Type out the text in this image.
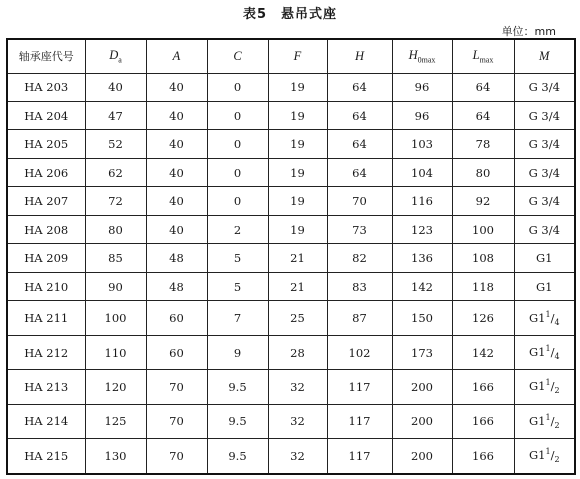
表5　悬吊式座
单位：mm
轴承座代号	$D_a$	A	C	F	H	$H_{0max}$	$L_{max}$	M
HA 203	40	40	0	19	64	96	64	G 3/4
HA 204	47	40	0	19	64	96	64	G 3/4
HA 205	52	40	0	19	64	103	78	G 3/4
HA 206	62	40	0	19	64	104	80	G 3/4
HA 207	72	40	0	19	70	116	92	G 3/4
HA 208	80	40	2	19	73	123	100	G 3/4
HA 209	85	48	5	21	82	136	108	G1
HA 210	90	48	5	21	83	142	118	G1
HA 211	100	60	7	25	87	150	126	$G1^1/_4$
HA 212	110	60	9	28	102	173	142	$G1^1/_4$
HA 213	120	70	9.5	32	117	200	166	$G1^1/_2$
HA 214	125	70	9.5	32	117	200	166	$G1^1/_2$
HA 215	130	70	9.5	32	117	200	166	$G1^1/_2$
